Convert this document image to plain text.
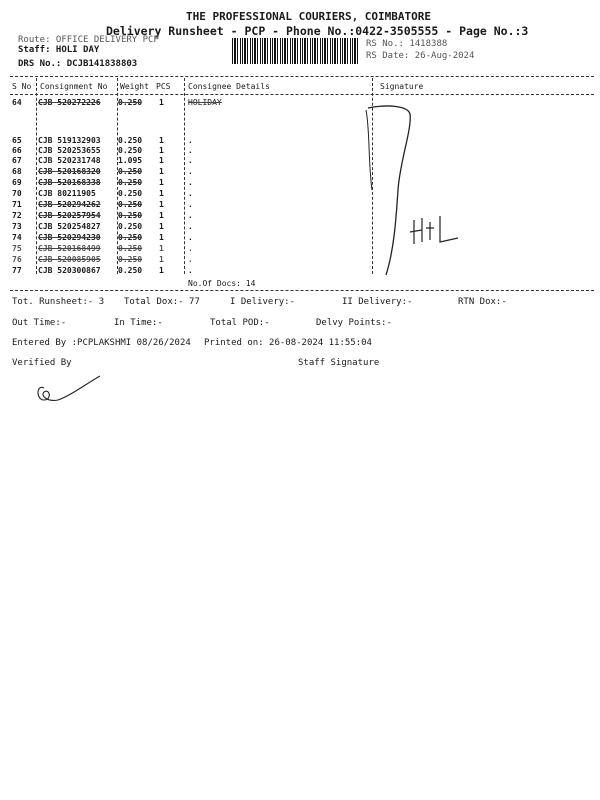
THE PROFESSIONAL COURIERS, COIMBATORE
Delivery Runsheet - PCP - Phone No.:0422-3505555 - Page No.:3
Route: OFFICE DELIVERY PCP
Staff: HOLI DAY
DRS No.: DCJB141838803
RS No.: 1418388
RS Date: 26-Aug-2024
S No Consignment No Weight PCS Consignee Details	Signature
64 CJB 520272226 0.250 1	HOLIDAY
65 CJB 519132903 0.250 1	.
66 CJB 520253655 0.250 1	.
67 CJB 520231748 1.095 1	.
68 CJB 520168320 0.250 1	.
69 CJB 520168338 0.250 1	.
70 CJB 80211905	0.250 1	.
71 CJB 520294262 0.250 1	.
72 CJB 520257954 0.250 1	.
73 CJB 520254827 0.250 1	.
74 CJB 520294230 0.250 1	.
75 CJB 520168499 0.250 1	.
76 CJB 520085905 0.250 1	.
77 CJB 520300867 0.250 1	.
No.Of Docs: 14
Tot. Runsheet:- 3 Total Dox:- 77	I Delivery:-	II Delivery:-	RTN Dox:-
Out Time:-	In Time:-	Total POD:-	Delvy Points:-
Entered By :PCPLAKSHMI 08/26/2024 Printed on: 26-08-2024 11:55:04
Verified By	Staff Signature
